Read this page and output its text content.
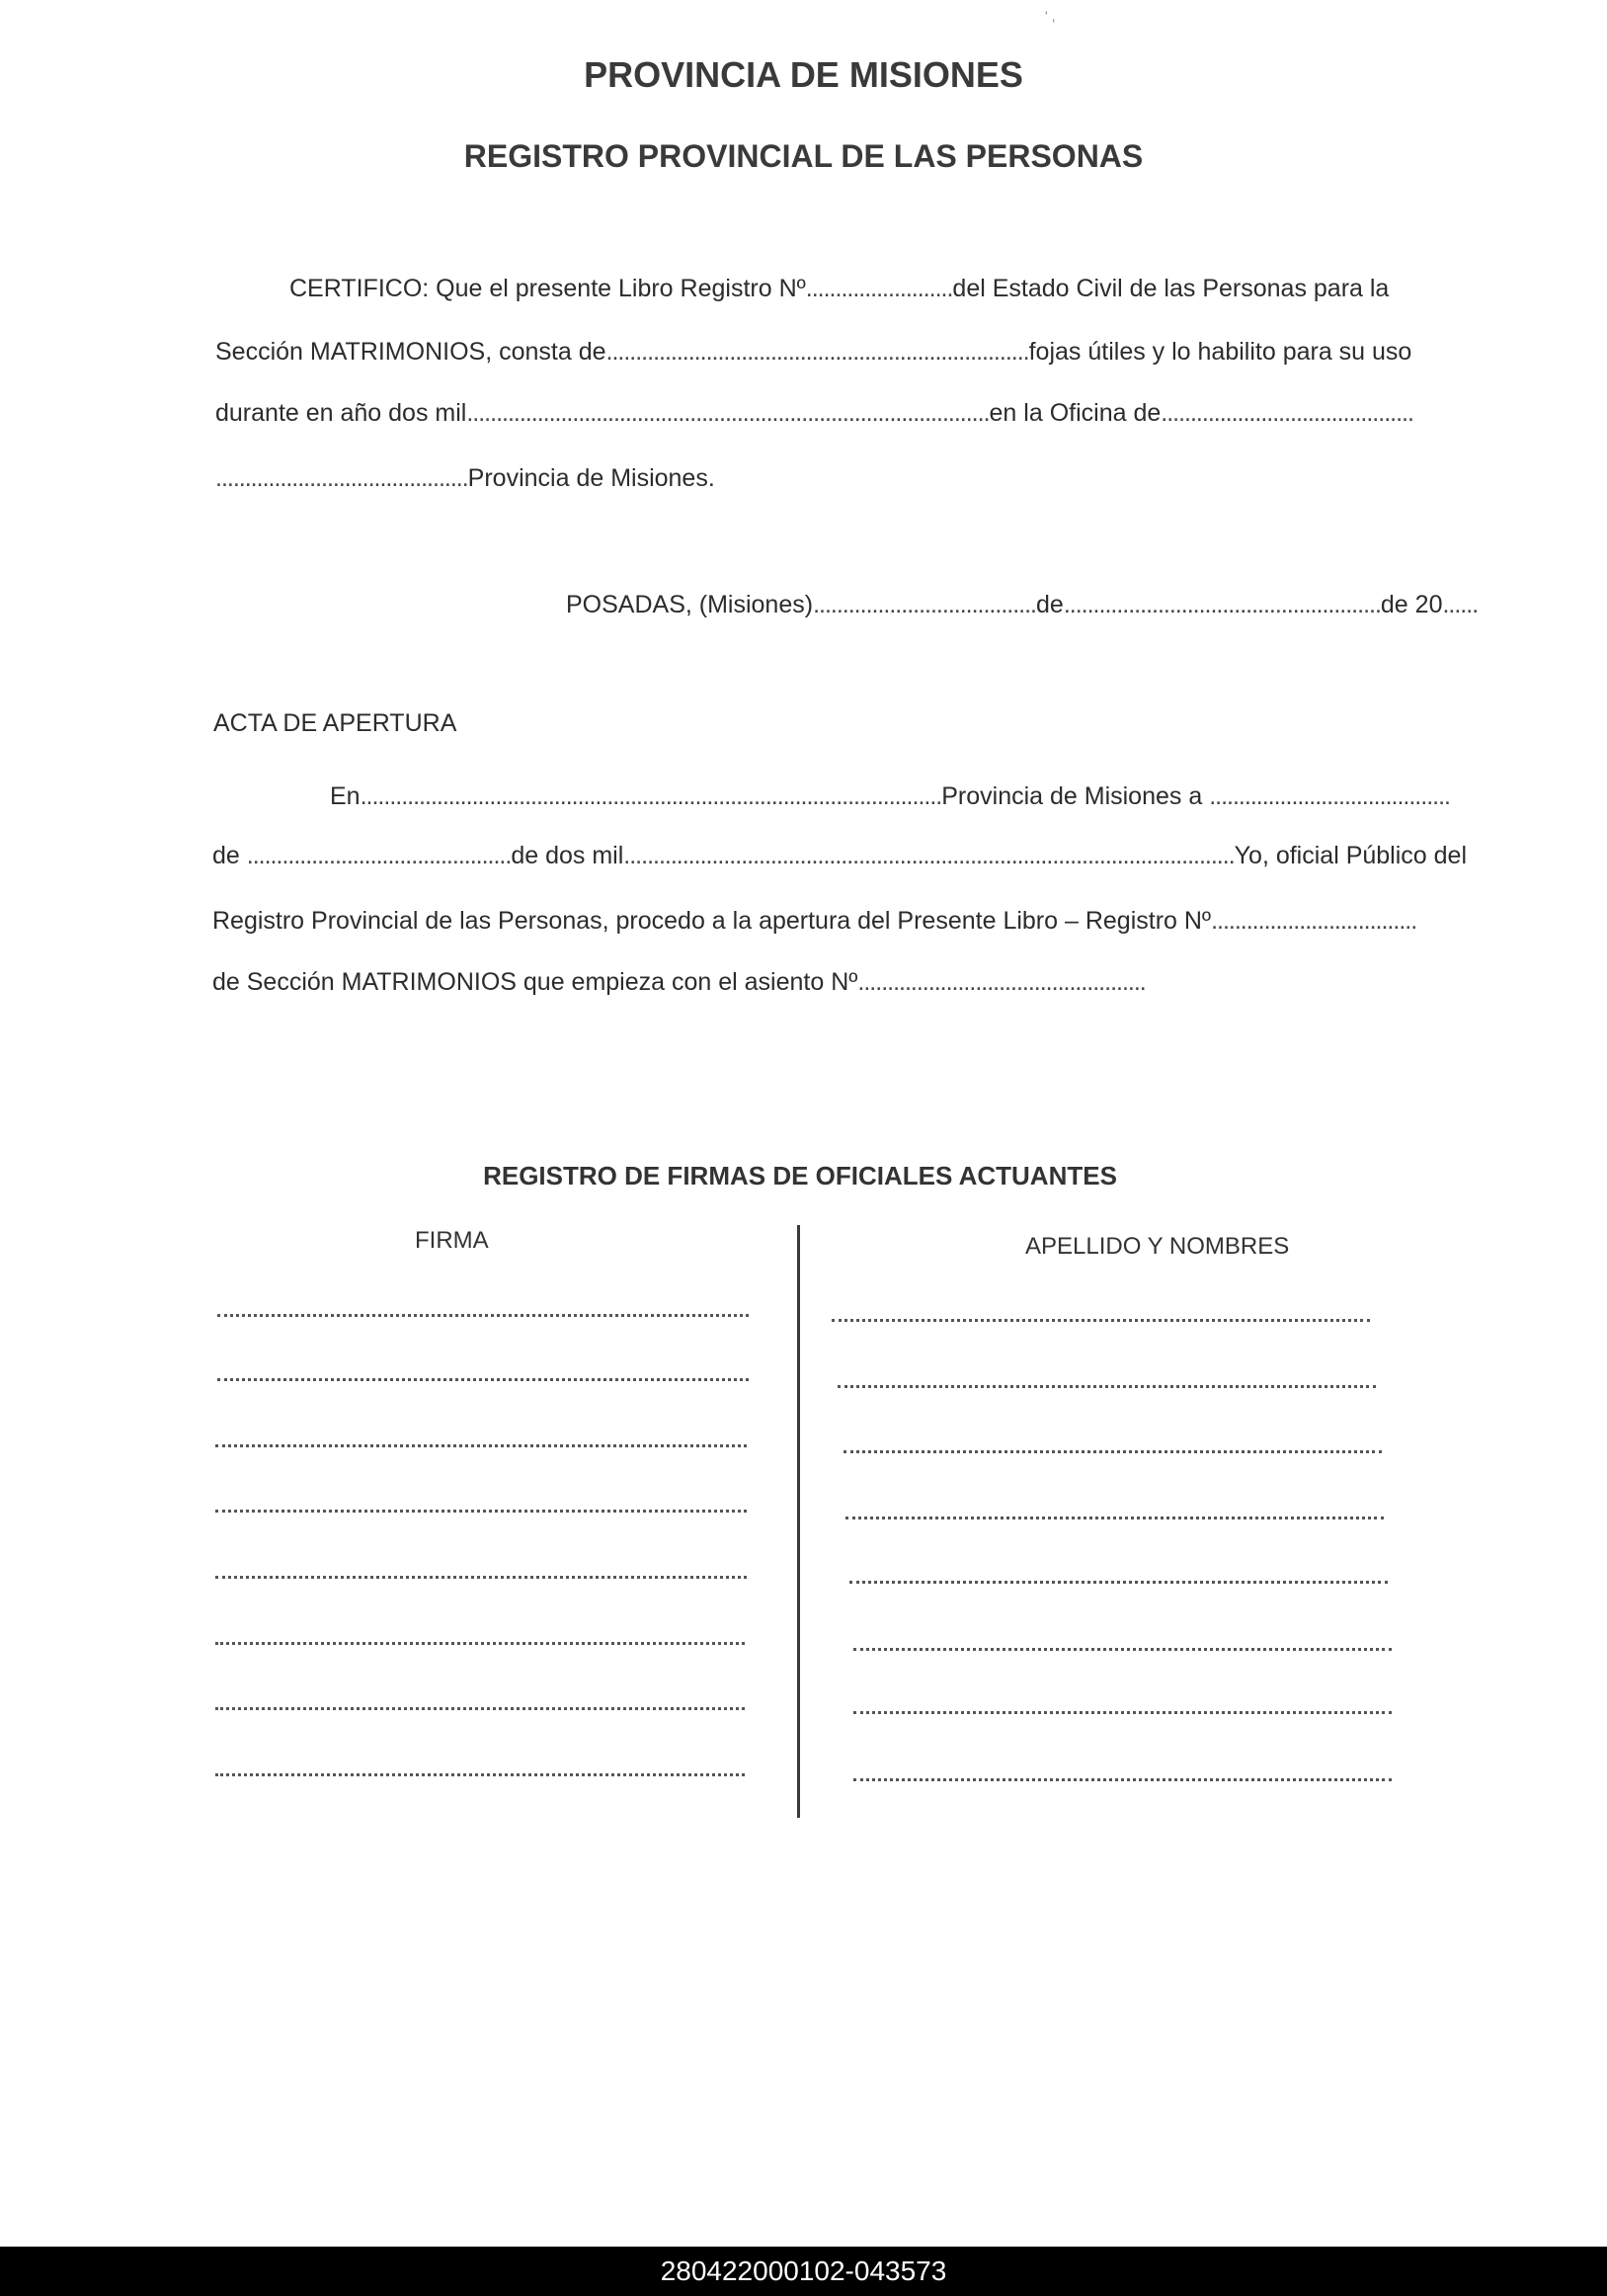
' ,
PROVINCIA DE MISIONES
REGISTRO PROVINCIAL DE LAS PERSONAS
CERTIFICO: Que el presente Libro Registro Nº.........................del Estado Civil de las Personas para la
Sección MATRIMONIOS, consta de........................................................................fojas útiles y lo habilito para su uso
durante en año dos mil.........................................................................................en la Oficina de...........................................
...........................................Provincia de Misiones.
POSADAS, (Misiones)......................................de......................................................de 20......
ACTA DE APERTURA
En...................................................................................................Provincia de Misiones a .........................................
de .............................................de dos mil........................................................................................................Yo, oficial Público del
Registro Provincial de las Personas, procedo a la apertura del Presente Libro – Registro Nº...................................
de Sección MATRIMONIOS que empieza con el asiento Nº.................................................
REGISTRO DE FIRMAS DE OFICIALES ACTUANTES
FIRMA	APELLIDO Y NOMBRES
280422000102-043573
